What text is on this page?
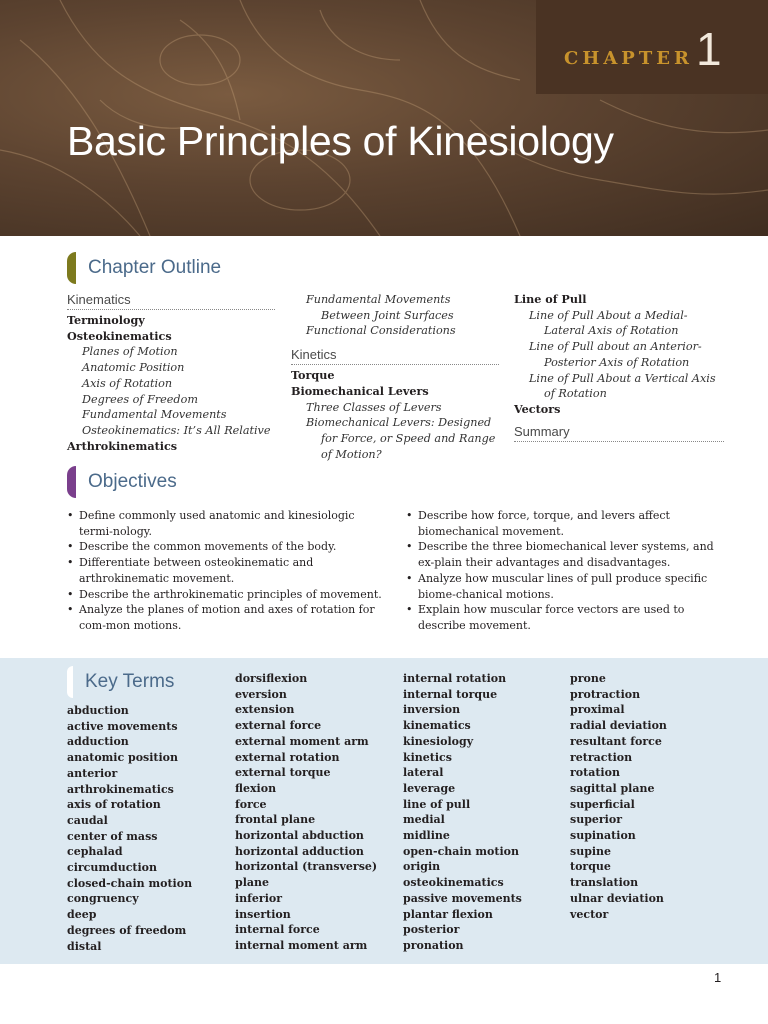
CHAPTER 1
Basic Principles of Kinesiology
Chapter Outline
Kinematics
Terminology
Osteokinematics
Planes of Motion
Anatomic Position
Axis of Rotation
Degrees of Freedom
Fundamental Movements
Osteokinematics: It’s All Relative
Arthrokinematics
Fundamental Movements Between Joint Surfaces
Functional Considerations
Kinetics
Torque
Biomechanical Levers
Three Classes of Levers
Biomechanical Levers: Designed for Force, or Speed and Range of Motion?
Line of Pull
Line of Pull About a Medial-Lateral Axis of Rotation
Line of Pull about an Anterior-Posterior Axis of Rotation
Line of Pull About a Vertical Axis of Rotation
Vectors
Summary
Objectives
• Define commonly used anatomic and kinesiologic termi-nology.
• Describe the common movements of the body.
• Differentiate between osteokinematic and arthrokinematic movement.
• Describe the arthrokinematic principles of movement.
• Analyze the planes of motion and axes of rotation for com-mon motions.
• Describe how force, torque, and levers affect biomechanical movement.
• Describe the three biomechanical lever systems, and ex-plain their advantages and disadvantages.
• Analyze how muscular lines of pull produce specific biome-chanical motions.
• Explain how muscular force vectors are used to describe movement.
Key Terms
abduction
active movements
adduction
anatomic position
anterior
arthrokinematics
axis of rotation
caudal
center of mass
cephalad
circumduction
closed-chain motion
congruency
deep
degrees of freedom
distal
dorsiflexion
eversion
extension
external force
external moment arm
external rotation
external torque
flexion
force
frontal plane
horizontal abduction
horizontal adduction
horizontal (transverse)
plane
inferior
insertion
internal force
internal moment arm
internal rotation
internal torque
inversion
kinematics
kinesiology
kinetics
lateral
leverage
line of pull
medial
midline
open-chain motion
origin
osteokinematics
passive movements
plantar flexion
posterior
pronation
prone
protraction
proximal
radial deviation
resultant force
retraction
rotation
sagittal plane
superficial
superior
supination
supine
torque
translation
ulnar deviation
vector
1
